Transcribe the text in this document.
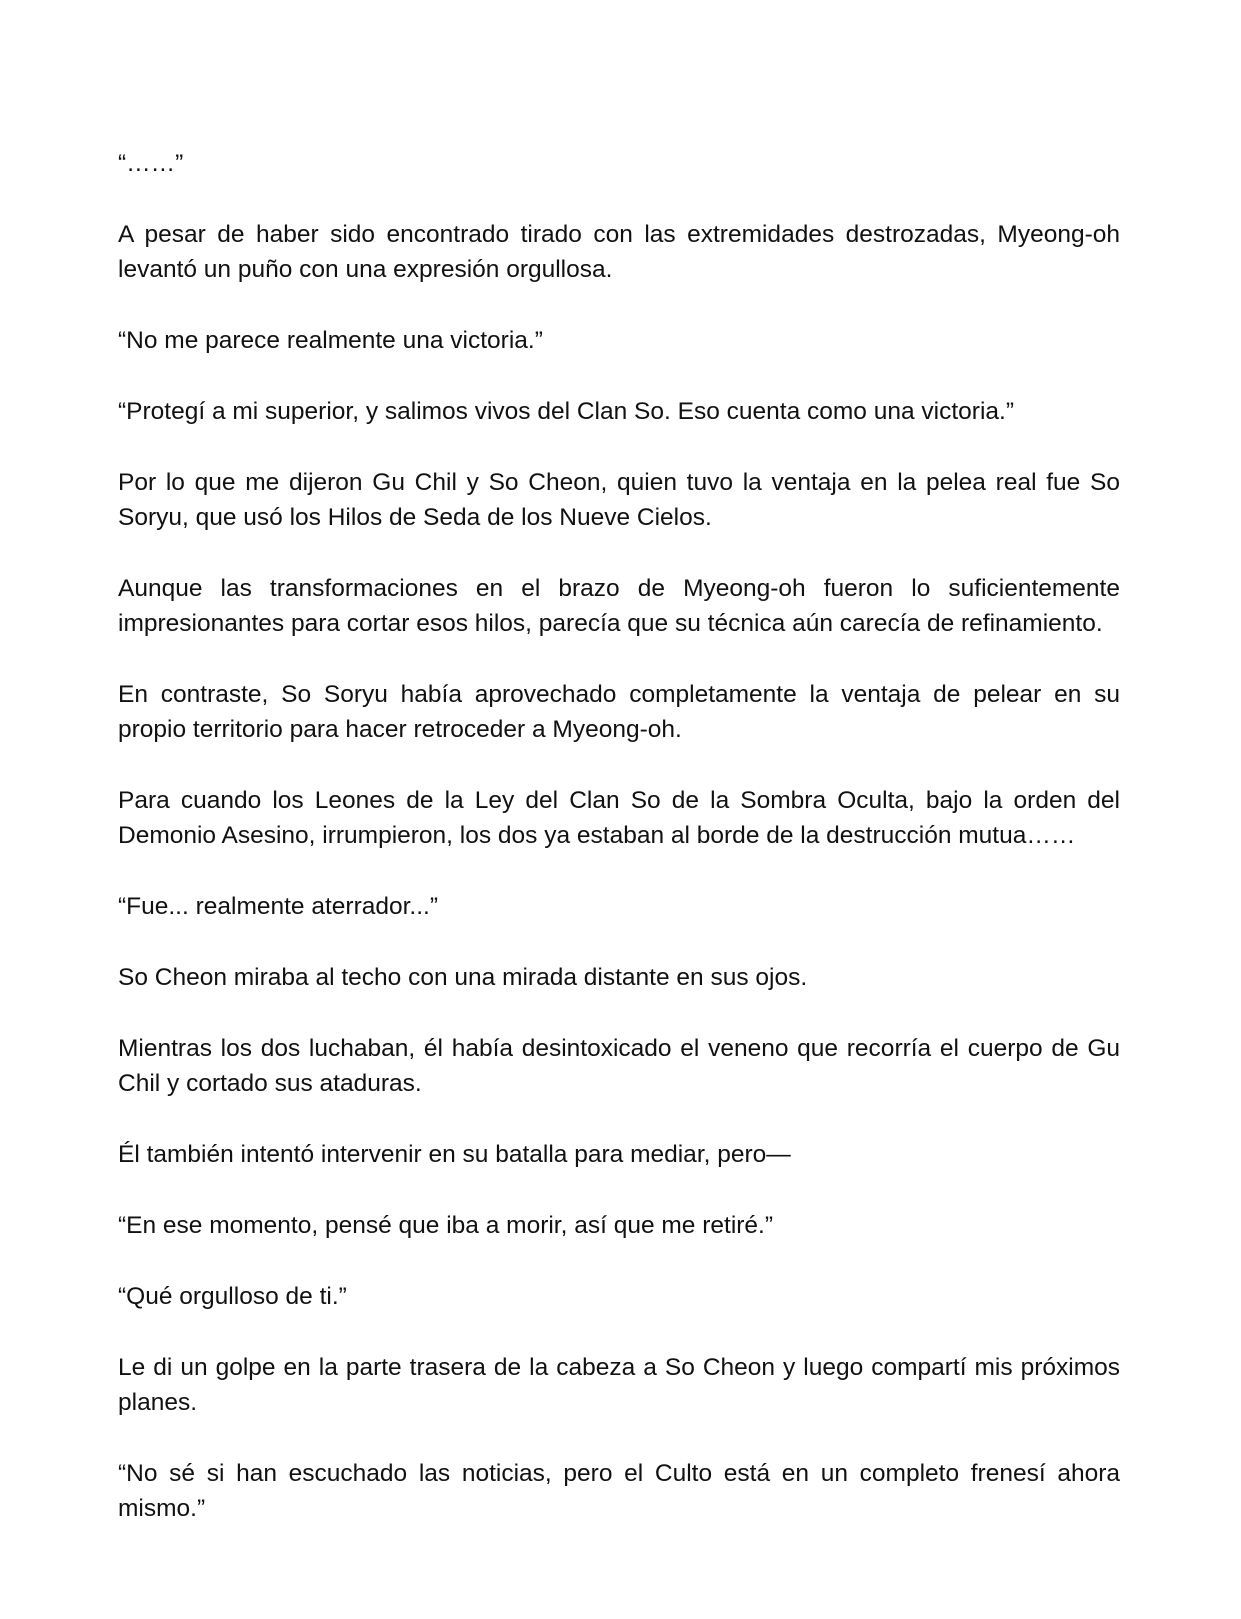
“……”

A pesar de haber sido encontrado tirado con las extremidades destrozadas, Myeong-oh levantó un puño con una expresión orgullosa.

“No me parece realmente una victoria.”

“Protegí a mi superior, y salimos vivos del Clan So. Eso cuenta como una victoria.”

Por lo que me dijeron Gu Chil y So Cheon, quien tuvo la ventaja en la pelea real fue So Soryu, que usó los Hilos de Seda de los Nueve Cielos.

Aunque las transformaciones en el brazo de Myeong-oh fueron lo suficientemente impresionantes para cortar esos hilos, parecía que su técnica aún carecía de refinamiento.

En contraste, So Soryu había aprovechado completamente la ventaja de pelear en su propio territorio para hacer retroceder a Myeong-oh.

Para cuando los Leones de la Ley del Clan So de la Sombra Oculta, bajo la orden del Demonio Asesino, irrumpieron, los dos ya estaban al borde de la destrucción mutua……

“Fue... realmente aterrador...”

So Cheon miraba al techo con una mirada distante en sus ojos.

Mientras los dos luchaban, él había desintoxicado el veneno que recorría el cuerpo de Gu Chil y cortado sus ataduras.

Él también intentó intervenir en su batalla para mediar, pero—

“En ese momento, pensé que iba a morir, así que me retiré.”

“Qué orgulloso de ti.”

Le di un golpe en la parte trasera de la cabeza a So Cheon y luego compartí mis próximos planes.

“No sé si han escuchado las noticias, pero el Culto está en un completo frenesí ahora mismo.”
